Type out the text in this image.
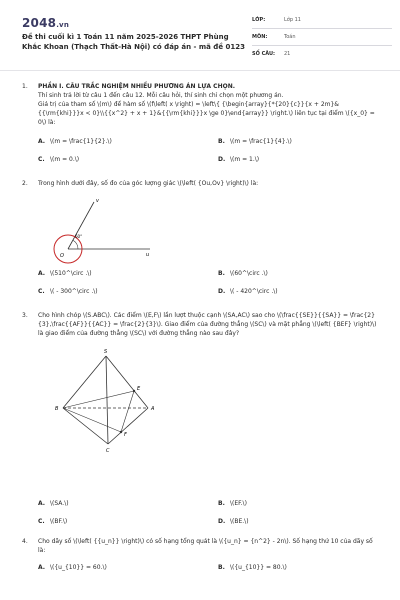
2048.vn
Đề thi cuối kì 1 Toán 11 năm 2025-2026 THPT Phùng Khắc Khoan (Thạch Thất-Hà Nội) có đáp án - mã đề 0123
LỚP:	Lớp 11
MÔN:	Toán
SỐ CÂU:	21
1.	PHẦN I. CÂU TRẮC NGHIỆM NHIỀU PHƯƠNG ÁN LỰA CHỌN.
Thí sinh trả lời từ câu 1 đến câu 12. Mỗi câu hỏi, thí sinh chỉ chọn một phương án.
Giá trị của tham số \(m\) để hàm số \(f\left( x \right) = \left\{ {\begin{array}{*{20}{c}}{x + 2m}&{{\rm{khi}}}x < 0}\\{{x^2} + x + 1}&{{\rm{khi}}}x \ge 0}\end{array}} \right.\) liên tục tại điểm \({x_0} = 0\) là:
A. \(m = \frac{1}{2}.\)	B. \(m = \frac{1}{4}.\)
C. \(m = 0.\)	D. \(m = 1.\)
2.	Trong hình dưới đây, số đo của góc lượng giác \(\left( {Ou,Ov} \right)\) là:
v
u
O
60°
A. \(510^\circ .\)	B. \(60^\circ .\)
C. \( - 300^\circ .\)	D. \( - 420^\circ .\)
3.	Cho hình chóp \(S.ABC\). Các điểm \(E,F\) lần lượt thuộc cạnh \(SA,AC\) sao cho \(\frac{{SE}}{{SA}} = \frac{2}{3},\frac{{AF}}{{AC}} = \frac{2}{3}\). Giao điểm của đường thẳng \(SC\) và mặt phẳng \(\left( {BEF} \right)\) là giao điểm của đường thẳng \(SC\) với đường thẳng nào sau đây?
S
A
B
C
E
F
A. \(SA.\)	B. \(EF.\)
C. \(BF.\)	D. \(BE.\)
4.	Cho dãy số \(\left( {{u_n}} \right)\) có số hạng tổng quát là \({u_n} = {n^2} - 2n\). Số hạng thứ 10 của dãy số là:
A. \({u_{10}} = 60.\)	B. \({u_{10}} = 80.\)
